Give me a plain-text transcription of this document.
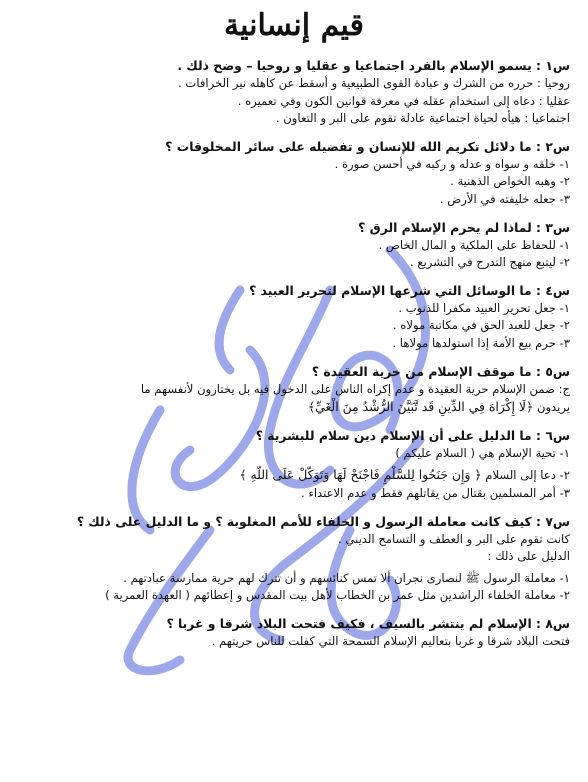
قيم إنسانية
س١ : يسمو الإسلام بالفرد اجتماعيا و عقليا و روحيا – وضح ذلك .
روحيا : حرره من الشرك و عبادة القوى الطبيعية و أسقط عن كاهله نير الخرافات .
عقليا : دعاه إلى استخدام عقله في معرفة قوانين الكون وفي تعميره .
اجتماعيا : هيأه لحياة اجتماعية عادلة تقوم على البر و التعاون .
س٢ : ما دلائل تكريم الله للإنسان و تفضيله على سائر المخلوقات ؟
١- خلقه و سواه و عدله و ركبه في أحسن صورة .
٢- وهبه الخواص الذهنية .
٣- جعله خليفته في الأرض .
س٣ : لماذا لم يحرم الإسلام الرق ؟
١- للحفاظ على الملكية و المال الخاص .
٢- ليتبع منهج التدرج في التشريع .
س٤ : ما الوسائل التي شرعها الإسلام لتحرير العبيد ؟
١- جعل تحرير العبيد مكفرا للذنوب .
٢- جعل للعبد الحق في مكاتبة مولاه .
٣- حرم بيع الأمة إذا استولدها مولاها .
س٥ : ما موقف الإسلام من حرية العقيدة ؟
ج: ضمن الإسلام حرية العقيدة و عدم إكراه الناس على الدخول فيه بل يختارون لأنفسهم ما
يريدون ﴿لَا إِكْرَاهَ فِي الدِّينِ قَد تَّبَيَّنَ الرُّشْدُ مِنَ الْغَيِّ﴾
س٦ : ما الدليل على أن الإسلام دين سلام للبشرية ؟
١- تحية الإسلام هي ( السلام عليكم )
٢- دعا إلى السلام ﴿ وَإِن جَنَحُوا لِلسَّلْمِ فَاجْنَحْ لَهَا وَتَوَكَّلْ عَلَى اللَّهِ ﴾
٣- أمر المسلمين بقتال من يقاتلهم فقط و عدم الاعتداء .
س٧ : كيف كانت معاملة الرسول و الخلفاء للأمم المغلوبة ؟ و ما الدليل على ذلك ؟
كانت تقوم على البر و العطف و التسامح الديني .
الدليل على ذلك :
١- معاملة الرسول ﷺ لنصارى نجران ألا تمس كنائسهم و أن تترك لهم حرية ممارسة عبادتهم .
٢- معاملة الخلفاء الراشدين مثل عمر بن الخطاب لأهل بيت المقدس و إعطائهم ( العهدة العمرية )
س٨ : الإسلام لم ينتشر بالسيف ، فكيف فتحت البلاد شرقا و غربا ؟
فتحت البلاد شرقا و غربا بتعاليم الإسلام السمحة التي كفلت للناس حريتهم .
